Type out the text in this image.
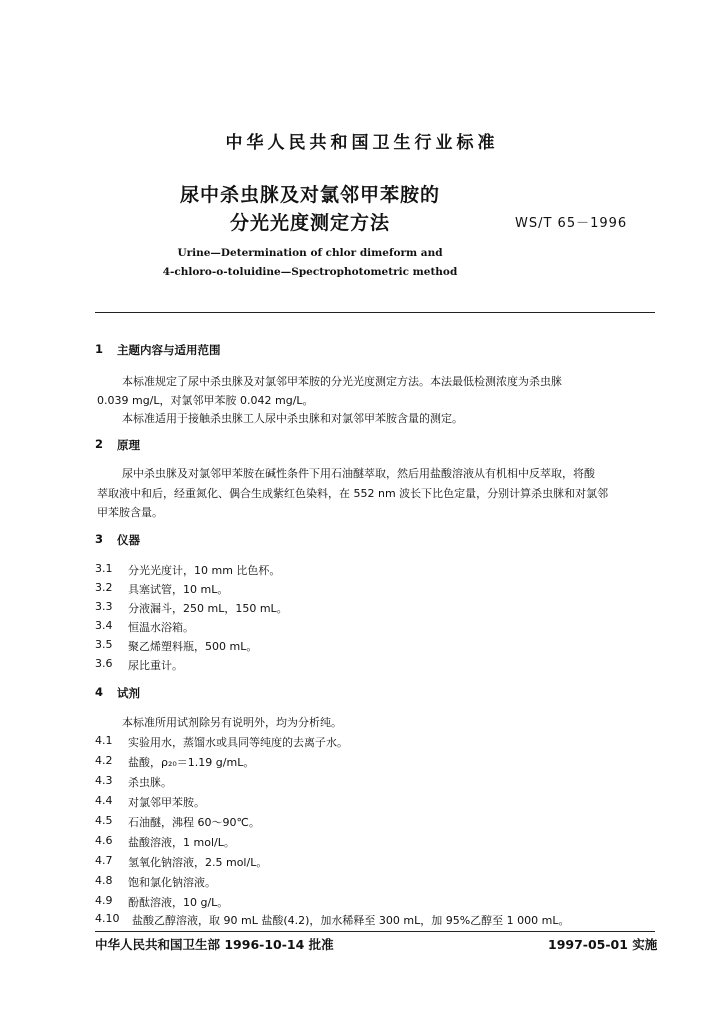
中华人民共和国卫生行业标准
尿中杀虫脒及对氯邻甲苯胺的
分光光度测定方法	WS/T 65－1996
Urine—Determination of chlor dimeform and
4-chloro-o-toluidine—Spectrophotometric method
1 主题内容与适用范围
本标准规定了尿中杀虫脒及对氯邻甲苯胺的分光光度测定方法。本法最低检测浓度为杀虫脒
0.039 mg/L，对氯邻甲苯胺 0.042 mg/L。
本标准适用于接触杀虫脒工人尿中杀虫脒和对氯邻甲苯胺含量的测定。
2 原理
尿中杀虫脒及对氯邻甲苯胺在碱性条件下用石油醚萃取，然后用盐酸溶液从有机相中反萃取，将酸
萃取液中和后，经重氮化、偶合生成紫红色染料，在 552 nm 波长下比色定量，分别计算杀虫脒和对氯邻
甲苯胺含量。
3 仪器
3.1 分光光度计，10 mm 比色杯。
3.2 具塞试管，10 mL。
3.3 分液漏斗，250 mL，150 mL。
3.4 恒温水浴箱。
3.5 聚乙烯塑料瓶，500 mL。
3.6 尿比重计。
4 试剂
本标准所用试剂除另有说明外，均为分析纯。
4.1 实验用水，蒸馏水或具同等纯度的去离子水。
4.2 盐酸，ρ₂₀＝1.19 g/mL。
4.3 杀虫脒。
4.4 对氯邻甲苯胺。
4.5 石油醚，沸程 60～90℃。
4.6 盐酸溶液，1 mol/L。
4.7 氢氧化钠溶液，2.5 mol/L。
4.8 饱和氯化钠溶液。
4.9 酚酞溶液，10 g/L。
4.10 盐酸乙醇溶液，取 90 mL 盐酸(4.2)，加水稀释至 300 mL，加 95%乙醇至 1 000 mL。
中华人民共和国卫生部 1996-10-14 批准	1997-05-01 实施
